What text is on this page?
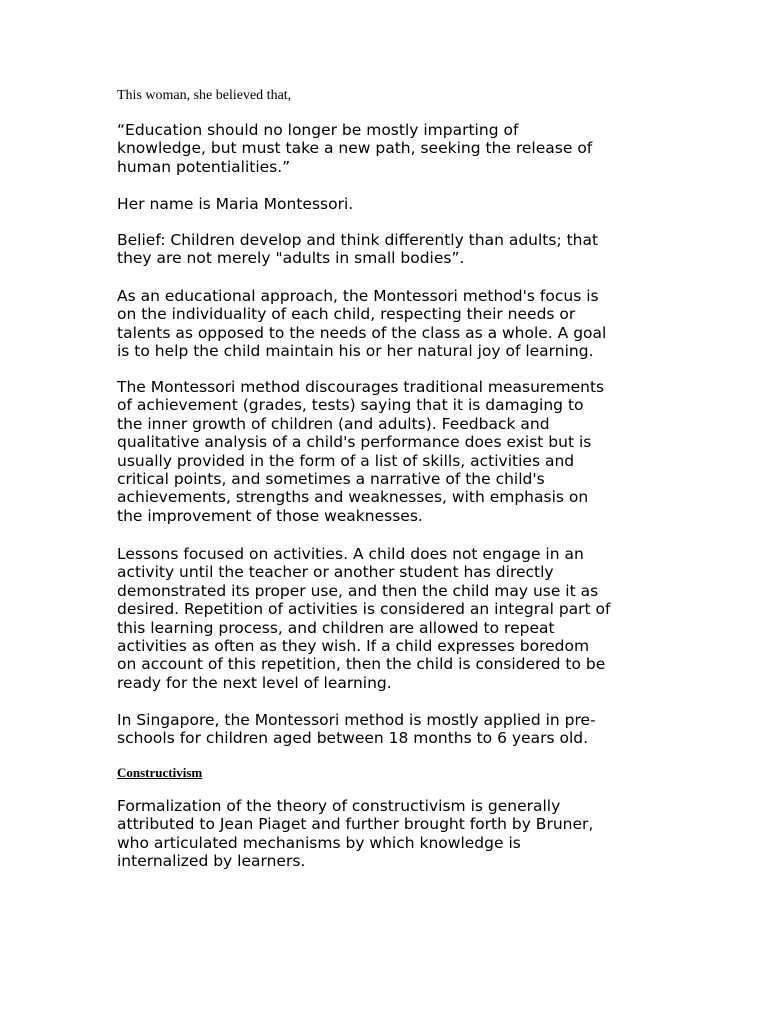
This woman, she believed that,

“Education should no longer be mostly imparting of
knowledge, but must take a new path, seeking the release of
human potentialities.”

Her name is Maria Montessori.

Belief: Children develop and think differently than adults; that
they are not merely "adults in small bodies”.

As an educational approach, the Montessori method's focus is
on the individuality of each child, respecting their needs or
talents as opposed to the needs of the class as a whole. A goal
is to help the child maintain his or her natural joy of learning.

The Montessori method discourages traditional measurements
of achievement (grades, tests) saying that it is damaging to
the inner growth of children (and adults). Feedback and
qualitative analysis of a child's performance does exist but is
usually provided in the form of a list of skills, activities and
critical points, and sometimes a narrative of the child's
achievements, strengths and weaknesses, with emphasis on
the improvement of those weaknesses.

Lessons focused on activities. A child does not engage in an
activity until the teacher or another student has directly
demonstrated its proper use, and then the child may use it as
desired. Repetition of activities is considered an integral part of
this learning process, and children are allowed to repeat
activities as often as they wish. If a child expresses boredom
on account of this repetition, then the child is considered to be
ready for the next level of learning.

In Singapore, the Montessori method is mostly applied in pre-
schools for children aged between 18 months to 6 years old.

Constructivism

Formalization of the theory of constructivism is generally
attributed to Jean Piaget and further brought forth by Bruner,
who articulated mechanisms by which knowledge is
internalized by learners.
